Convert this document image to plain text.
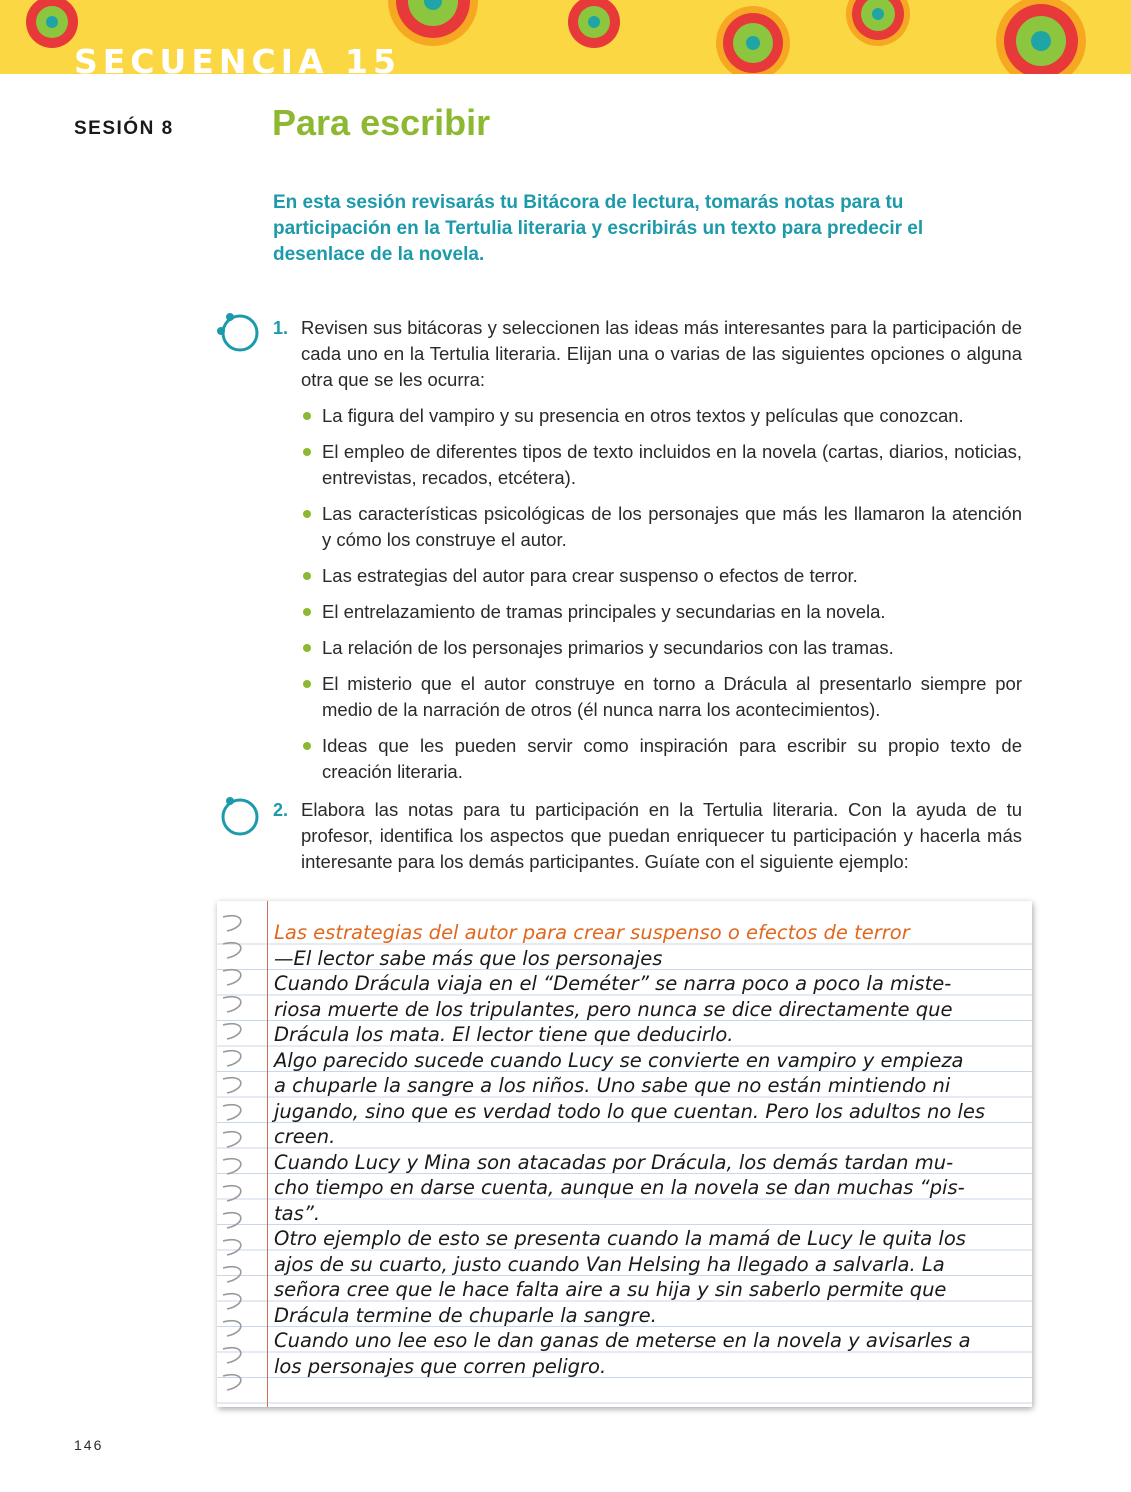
SECUENCIA 15
SESIÓN 8	Para escribir
En esta sesión revisarás tu Bitácora de lectura, tomarás notas para tu participación en la Tertulia literaria y escribirás un texto para predecir el desenlace de la novela.
1. Revisen sus bitácoras y seleccionen las ideas más interesantes para la participación de cada uno en la Tertulia literaria. Elijan una o varias de las siguientes opciones o alguna otra que se les ocurra:
La figura del vampiro y su presencia en otros textos y películas que conozcan.
El empleo de diferentes tipos de texto incluidos en la novela (cartas, diarios, noticias, entrevistas, recados, etcétera).
Las características psicológicas de los personajes que más les llamaron la atención y cómo los construye el autor.
Las estrategias del autor para crear suspenso o efectos de terror.
El entrelazamiento de tramas principales y secundarias en la novela.
La relación de los personajes primarios y secundarios con las tramas.
El misterio que el autor construye en torno a Drácula al presentarlo siempre por medio de la narración de otros (él nunca narra los acontecimientos).
Ideas que les pueden servir como inspiración para escribir su propio texto de creación literaria.
2. Elabora las notas para tu participación en la Tertulia literaria. Con la ayuda de tu profesor, identifica los aspectos que puedan enriquecer tu participación y hacerla más interesante para los demás participantes. Guíate con el siguiente ejemplo:
Las estrategias del autor para crear suspenso o efectos de terror
—El lector sabe más que los personajes
Cuando Drácula viaja en el “Deméter” se narra poco a poco la miste-
riosa muerte de los tripulantes, pero nunca se dice directamente que
Drácula los mata. El lector tiene que deducirlo.
Algo parecido sucede cuando Lucy se convierte en vampiro y empieza
a chuparle la sangre a los niños. Uno sabe que no están mintiendo ni
jugando, sino que es verdad todo lo que cuentan. Pero los adultos no les
creen.
Cuando Lucy y Mina son atacadas por Drácula, los demás tardan mu-
cho tiempo en darse cuenta, aunque en la novela se dan muchas “pis-
tas”.
Otro ejemplo de esto se presenta cuando la mamá de Lucy le quita los
ajos de su cuarto, justo cuando Van Helsing ha llegado a salvarla. La
señora cree que le hace falta aire a su hija y sin saberlo permite que
Drácula termine de chuparle la sangre.
Cuando uno lee eso le dan ganas de meterse en la novela y avisarles a
los personajes que corren peligro.
146
